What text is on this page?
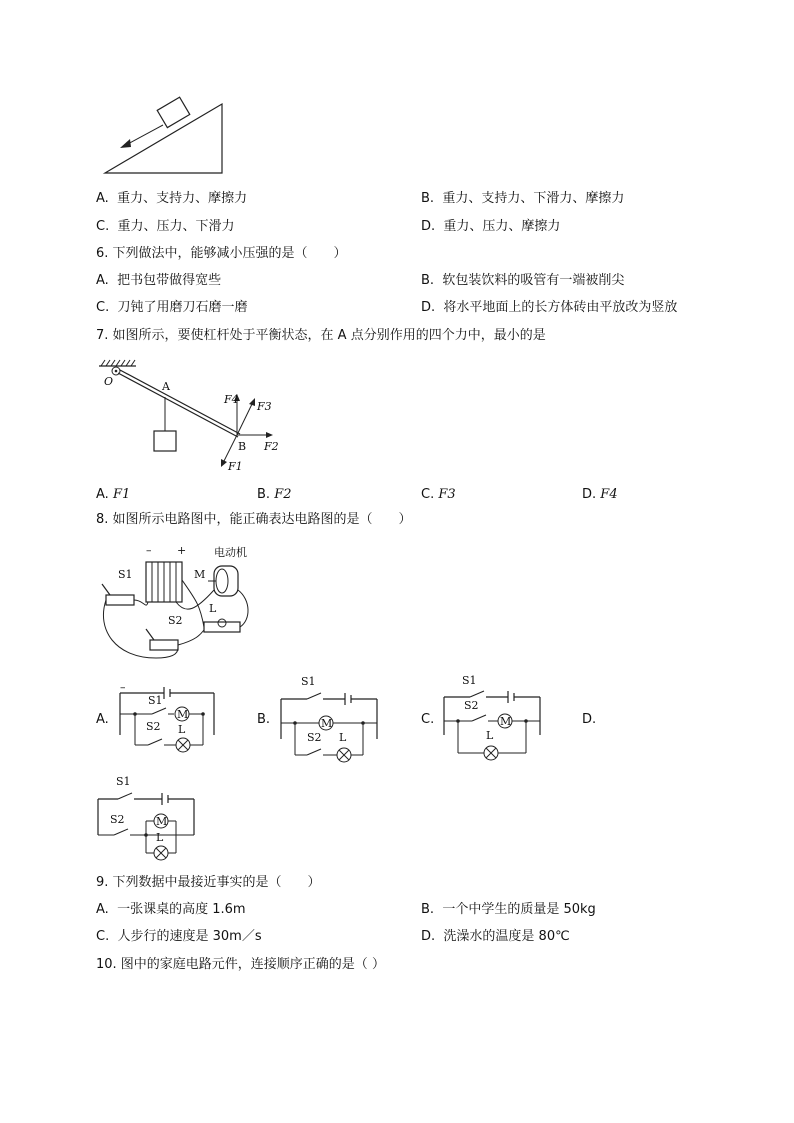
A. 重力、支持力、摩擦力	B. 重力、支持力、下滑力、摩擦力
C. 重力、压力、下滑力	D. 重力、压力、摩擦力
6. 下列做法中，能够减小压强的是（　　）
A. 把书包带做得宽些	B. 软包装饮料的吸管有一端被削尖
C. 刀钝了用磨刀石磨一磨	D. 将水平地面上的长方体砖由平放改为竖放
7. 如图所示，要使杠杆处于平衡状态，在 A 点分别作用的四个力中，最小的是
O	A
B
F4
F3
F2
F1
A. F1	B. F2	C. F3	D. F4
8. 如图所示电路图中，能正确表达电路图的是（　　）
– +	电动机
M
L
S1
S2
A.
–
S1
M
S2 L
B.
S1
M
S2 L
C.
S1
S2
M
L
D.
S1
S2	M
L
9. 下列数据中最接近事实的是（　　）
A. 一张课桌的高度 1.6m	B. 一个中学生的质量是 50kg
C. 人步行的速度是 30m／s	D. 洗澡水的温度是 80℃
10. 图中的家庭电路元件，连接顺序正确的是（ ）
